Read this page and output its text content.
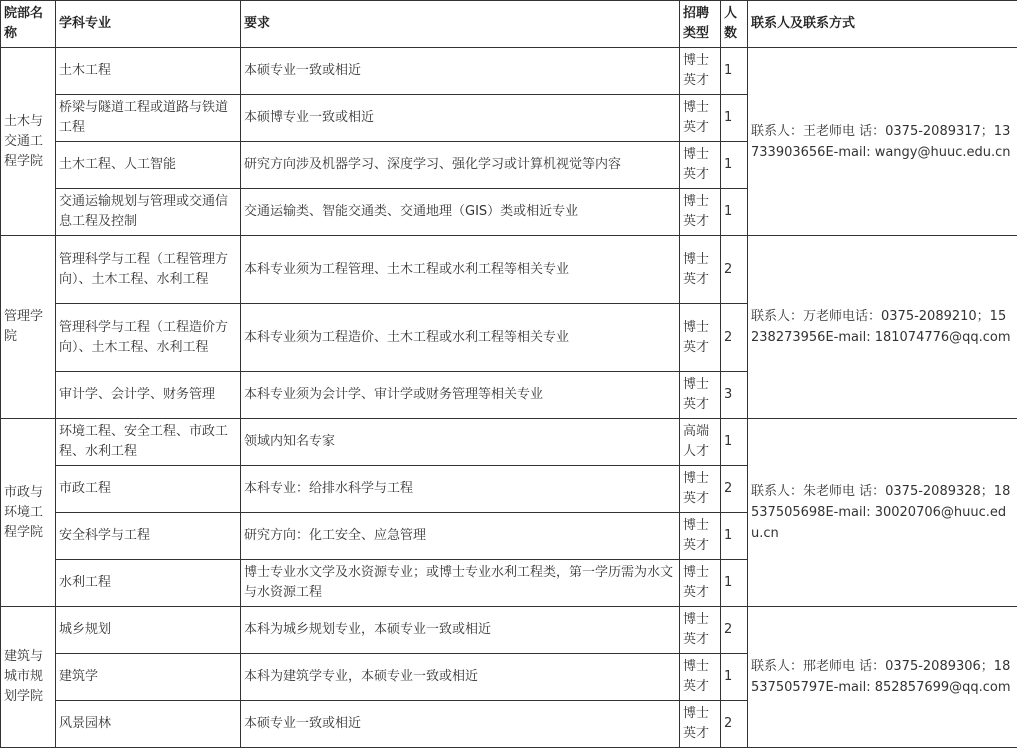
院部名称	学科专业	要求	招聘类型	人数	联系人及联系方式
土木与交通工程学院	土木工程	本硕专业一致或相近	博士英才	1	联系人：王老师电 话：0375-2089317；13733903656E-mail: wangy@huuc.edu.cn
	桥梁与隧道工程或道路与铁道工程	本硕博专业一致或相近	博士英才	1	
	土木工程、人工智能	研究方向涉及机器学习、深度学习、强化学习或计算机视觉等内容	博士英才	1	
	交通运输规划与管理或交通信息工程及控制	交通运输类、智能交通类、交通地理（GIS）类或相近专业	博士英才	1	
管理学院	管理科学与工程（工程管理方向）、土木工程、水利工程	本科专业须为工程管理、土木工程或水利工程等相关专业	博士英才	2	联系人：万老师电话：0375-2089210；15238273956E-mail: 181074776@qq.com
	管理科学与工程（工程造价方向）、土木工程、水利工程	本科专业须为工程造价、土木工程或水利工程等相关专业	博士英才	2	
	审计学、会计学、财务管理	本科专业须为会计学、审计学或财务管理等相关专业	博士英才	3	
市政与环境工程学院	环境工程、安全工程、市政工程、水利工程	领域内知名专家	高端人才	1	联系人：朱老师电 话：0375-2089328；18537505698E-mail: 30020706@huuc.edu.cn
	市政工程	本科专业：给排水科学与工程	博士英才	2	
	安全科学与工程	研究方向：化工安全、应急管理	博士英才	1	
	水利工程	博士专业水文学及水资源专业；或博士专业水利工程类，第一学历需为水文与水资源工程	博士英才	1	
建筑与城市规划学院	城乡规划	本科为城乡规划专业，本硕专业一致或相近	博士英才	2	联系人：邢老师电 话：0375-2089306；18537505797E-mail: 852857699@qq.com
	建筑学	本科为建筑学专业，本硕专业一致或相近	博士英才	1	
	风景园林	本硕专业一致或相近	博士英才	2	
